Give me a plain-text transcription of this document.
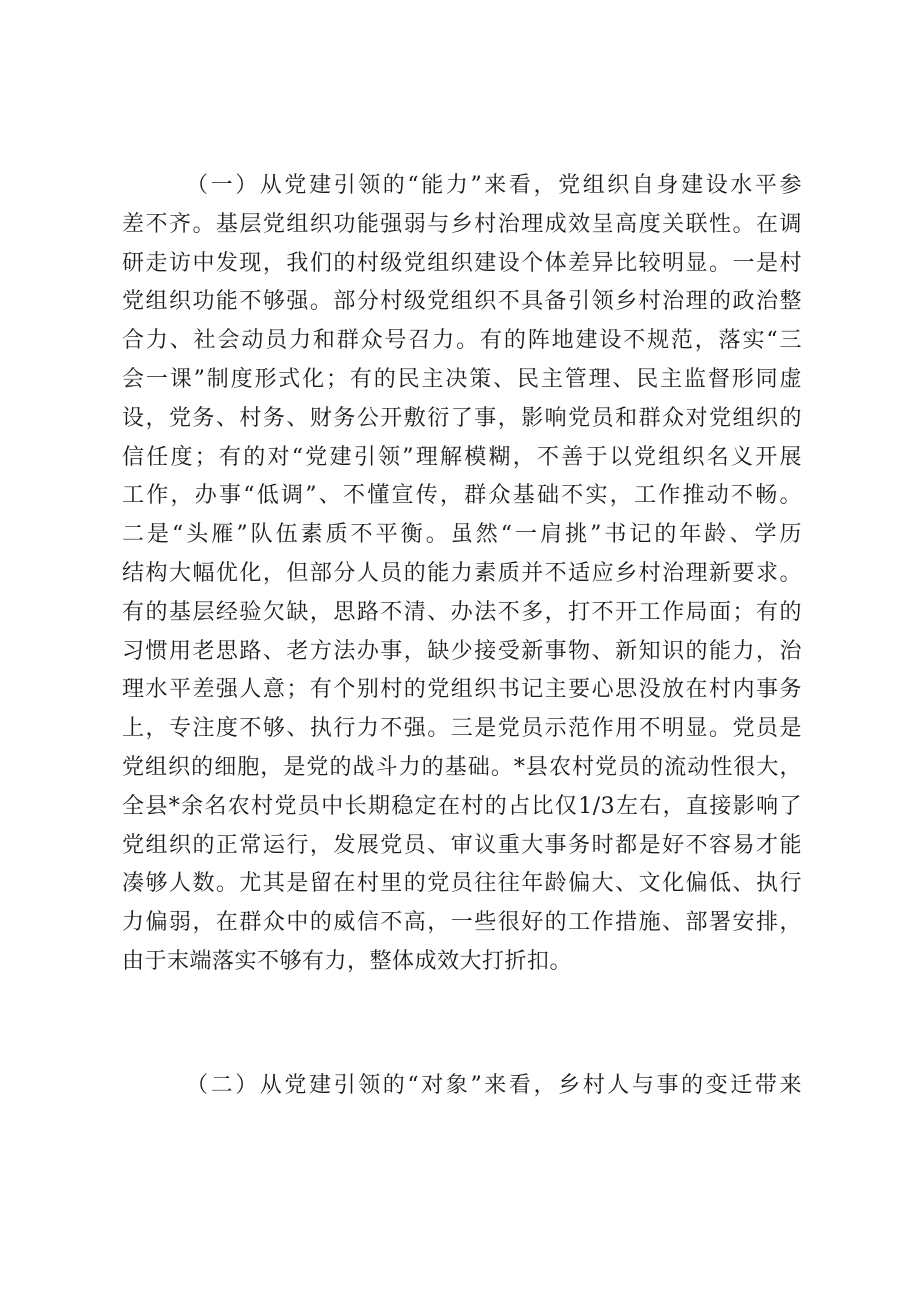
（一）从党建引领的“能力”来看，党组织自身建设水平参
差不齐。基层党组织功能强弱与乡村治理成效呈高度关联性。在调
研走访中发现，我们的村级党组织建设个体差异比较明显。一是村
党组织功能不够强。部分村级党组织不具备引领乡村治理的政治整
合力、社会动员力和群众号召力。有的阵地建设不规范，落实“三
会一课”制度形式化；有的民主决策、民主管理、民主监督形同虚
设，党务、村务、财务公开敷衍了事，影响党员和群众对党组织的
信任度；有的对“党建引领”理解模糊，不善于以党组织名义开展
工作，办事“低调”、不懂宣传，群众基础不实，工作推动不畅。
二是“头雁”队伍素质不平衡。虽然“一肩挑”书记的年龄、学历
结构大幅优化，但部分人员的能力素质并不适应乡村治理新要求。
有的基层经验欠缺，思路不清、办法不多，打不开工作局面；有的
习惯用老思路、老方法办事，缺少接受新事物、新知识的能力，治
理水平差强人意；有个别村的党组织书记主要心思没放在村内事务
上，专注度不够、执行力不强。三是党员示范作用不明显。党员是
党组织的细胞，是党的战斗力的基础。*县农村党员的流动性很大，
全县*余名农村党员中长期稳定在村的占比仅1/3左右，直接影响了
党组织的正常运行，发展党员、审议重大事务时都是好不容易才能
凑够人数。尤其是留在村里的党员往往年龄偏大、文化偏低、执行
力偏弱，在群众中的威信不高，一些很好的工作措施、部署安排，
由于末端落实不够有力，整体成效大打折扣。
（二）从党建引领的“对象”来看，乡村人与事的变迁带来
